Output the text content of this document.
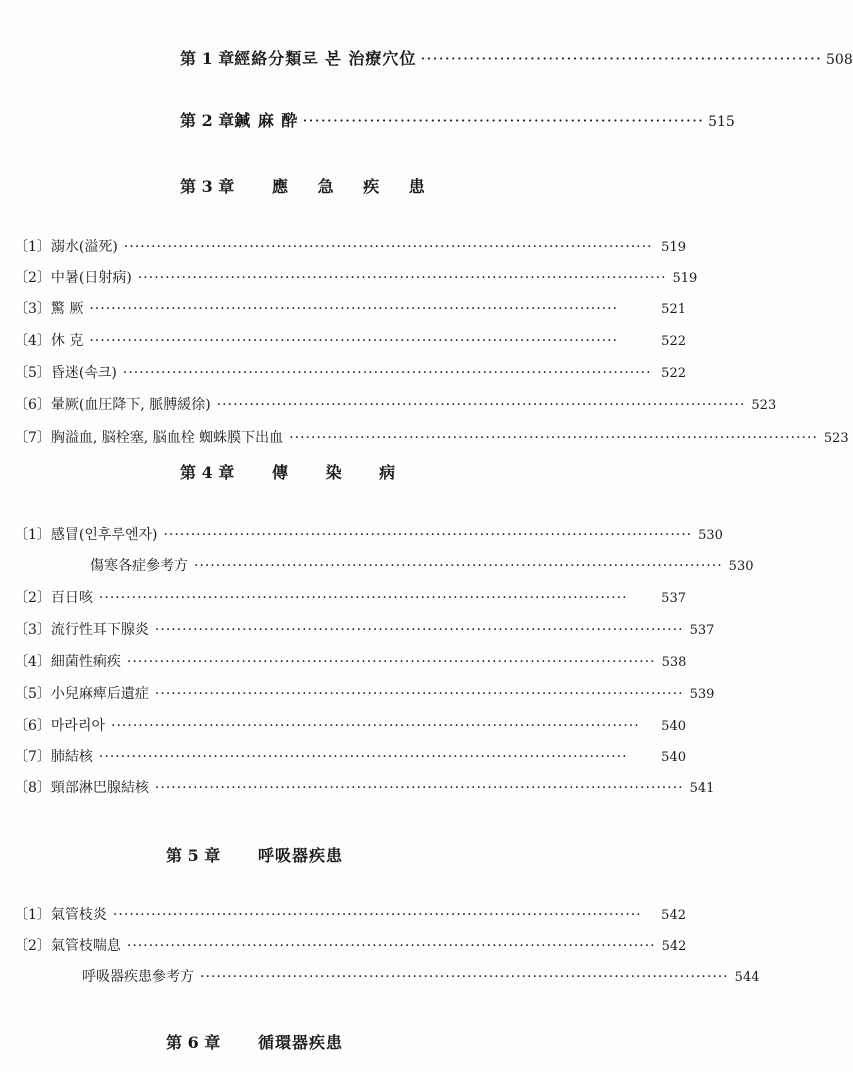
第 1 章 經絡分類로 본 治療穴位 ·································································· 508
第 2 章 鍼 麻 酔 ·································································· 515
第 3 章	應 急 疾 患
〔1〕溺水(溢死) ································································································· 519
〔2〕中暑(日射病) ································································································· 519
〔3〕驚 厥 ·································································································	521
〔4〕休 克 ·································································································	522
〔5〕昏迷(속크) ································································································· 522
〔6〕暈厥(血圧降下, 脈膊緩徐) ································································································· 523
〔7〕胸溢血, 脳栓塞, 脳血栓 蜘蛛膜下出血 ································································································· 523
第 4 章	傳 染 病
〔1〕感冒(인후루엔자) ································································································· 530
傷寒各症參考方 ································································································· 530
〔2〕百日咳 ·································································································	537
〔3〕流行性耳下腺炎 ································································································· 537
〔4〕細菌性痢疾 ································································································· 538
〔5〕小兒麻痺后遺症 ································································································· 539
〔6〕마라리아 ·································································································	540
〔7〕肺結核 ·································································································	540
〔8〕頸部淋巴腺結核 ································································································· 541
第 5 章	呼吸器疾患
〔1〕氣管枝炎 ·································································································	542
〔2〕氣管枝喘息 ································································································· 542
呼吸器疾患參考方 ································································································· 544
第 6 章	循環器疾患
